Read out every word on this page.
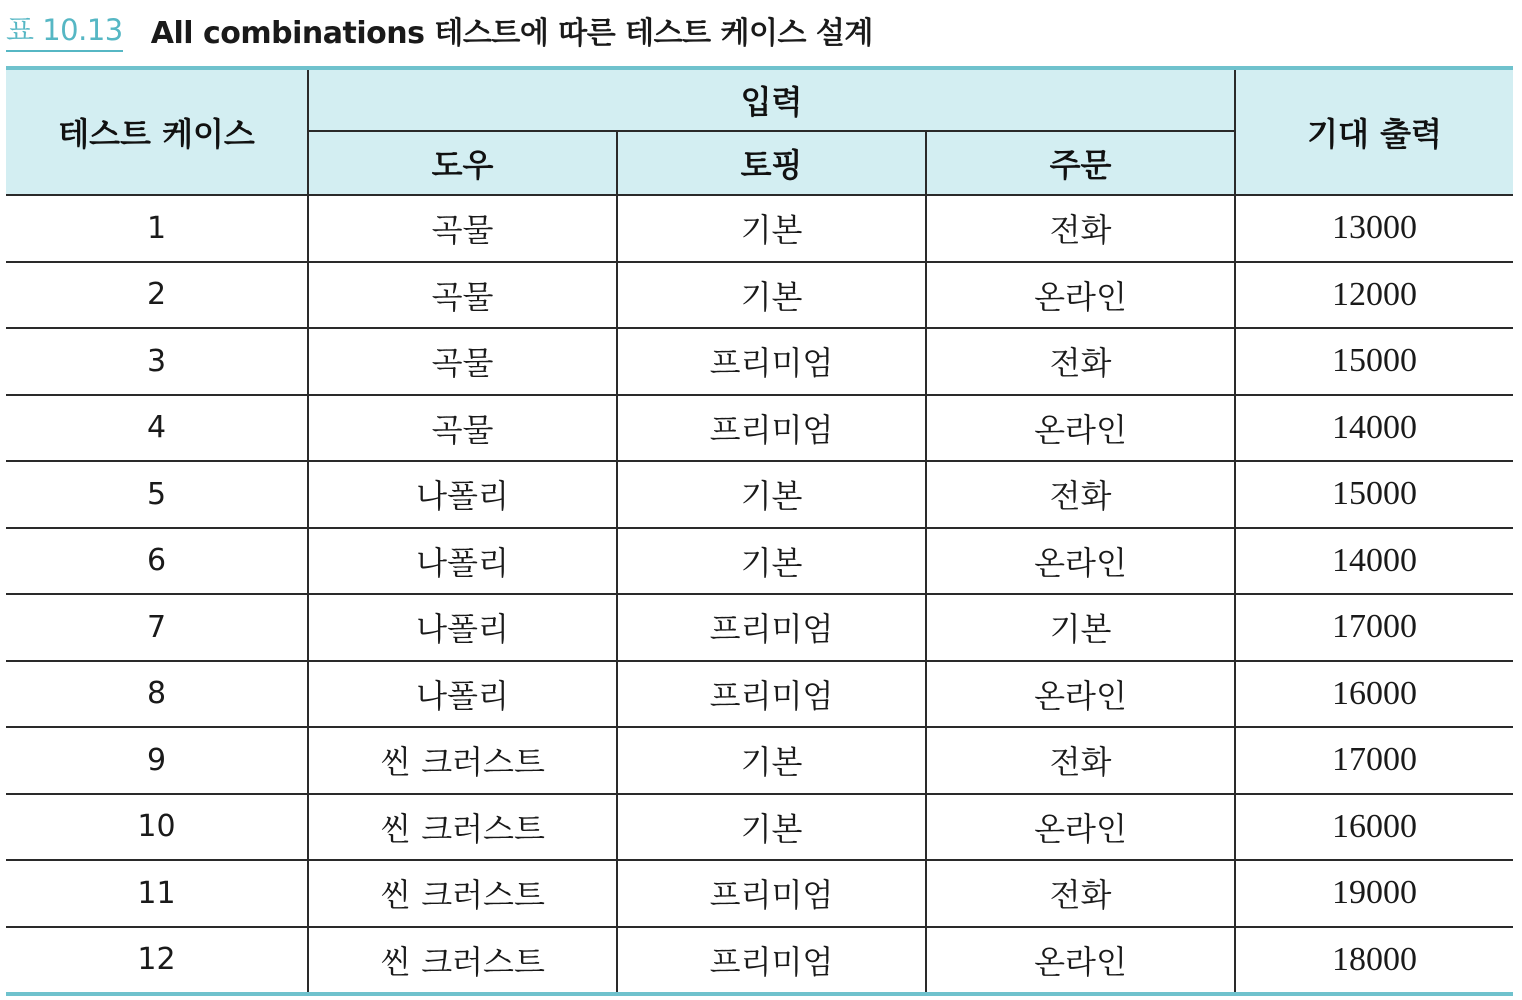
표 10.13 All combinations 테스트에 따른 테스트 케이스 설계
테스트 케이스	입력			기대 출력
	도우	토핑	주문	
1	곡물	기본	전화	13000
2	곡물	기본	온라인	12000
3	곡물	프리미엄	전화	15000
4	곡물	프리미엄	온라인	14000
5	나폴리	기본	전화	15000
6	나폴리	기본	온라인	14000
7	나폴리	프리미엄	기본	17000
8	나폴리	프리미엄	온라인	16000
9	씬 크러스트	기본	전화	17000
10	씬 크러스트	기본	온라인	16000
11	씬 크러스트	프리미엄	전화	19000
12	씬 크러스트	프리미엄	온라인	18000
